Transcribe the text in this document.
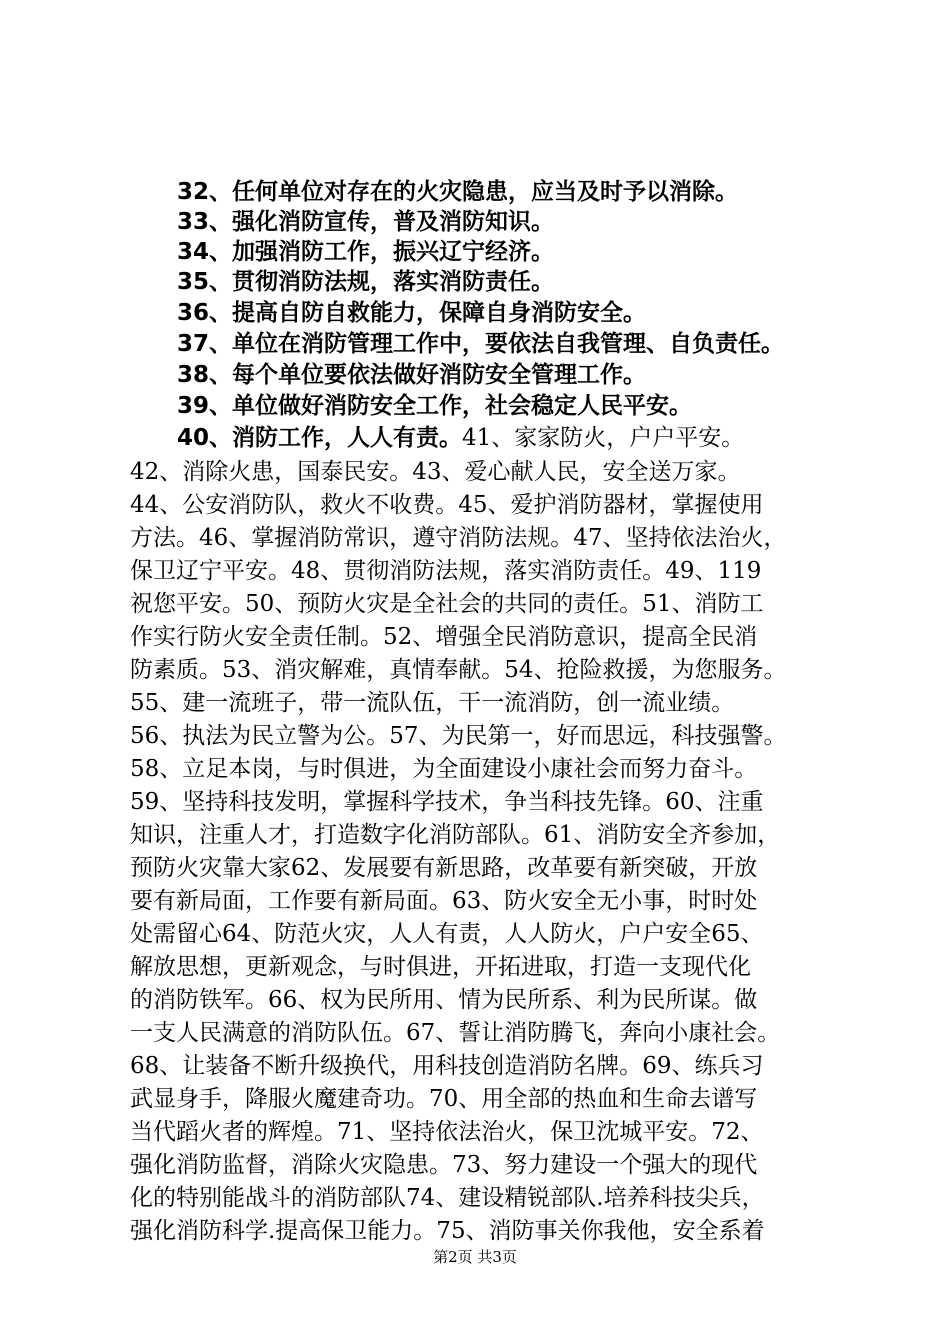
32、任何单位对存在的火灾隐患，应当及时予以消除。

33、强化消防宣传，普及消防知识。

34、加强消防工作，振兴辽宁经济。

35、贯彻消防法规，落实消防责任。

36、提高自防自救能力，保障自身消防安全。

37、单位在消防管理工作中，要依法自我管理、自负责任。

38、每个单位要依法做好消防安全管理工作。

39、单位做好消防安全工作，社会稳定人民平安。

40、消防工作，人人有责。41、家家防火，户户平安。

42、消除火患，国泰民安。43、爱心献人民，安全送万家。

44、公安消防队，救火不收费。45、爱护消防器材，掌握使用

方法。46、掌握消防常识，遵守消防法规。47、坚持依法治火，

保卫辽宁平安。48、贯彻消防法规，落实消防责任。49、119

祝您平安。50、预防火灾是全社会的共同的责任。51、消防工

作实行防火安全责任制。52、增强全民消防意识，提高全民消

防素质。53、消灾解难，真情奉献。54、抢险救援，为您服务。

55、建一流班子，带一流队伍，干一流消防，创一流业绩。

56、执法为民立警为公。57、为民第一，好而思远，科技强警。

58、立足本岗，与时俱进，为全面建设小康社会而努力奋斗。

59、坚持科技发明，掌握科学技术，争当科技先锋。60、注重

知识，注重人才，打造数字化消防部队。61、消防安全齐参加，

预防火灾靠大家62、发展要有新思路，改革要有新突破，开放

要有新局面，工作要有新局面。63、防火安全无小事，时时处

处需留心64、防范火灾，人人有责，人人防火，户户安全65、

解放思想，更新观念，与时俱进，开拓进取，打造一支现代化

的消防铁军。66、权为民所用、情为民所系、利为民所谋。做

一支人民满意的消防队伍。67、誓让消防腾飞，奔向小康社会。

68、让装备不断升级换代，用科技创造消防名牌。69、练兵习

武显身手，降服火魔建奇功。70、用全部的热血和生命去谱写

当代蹈火者的辉煌。71、坚持依法治火，保卫沈城平安。72、

强化消防监督，消除火灾隐患。73、努力建设一个强大的现代

化的特别能战斗的消防部队74、建设精锐部队.培养科技尖兵，

强化消防科学.提高保卫能力。75、消防事关你我他，安全系着

第2页 共3页
